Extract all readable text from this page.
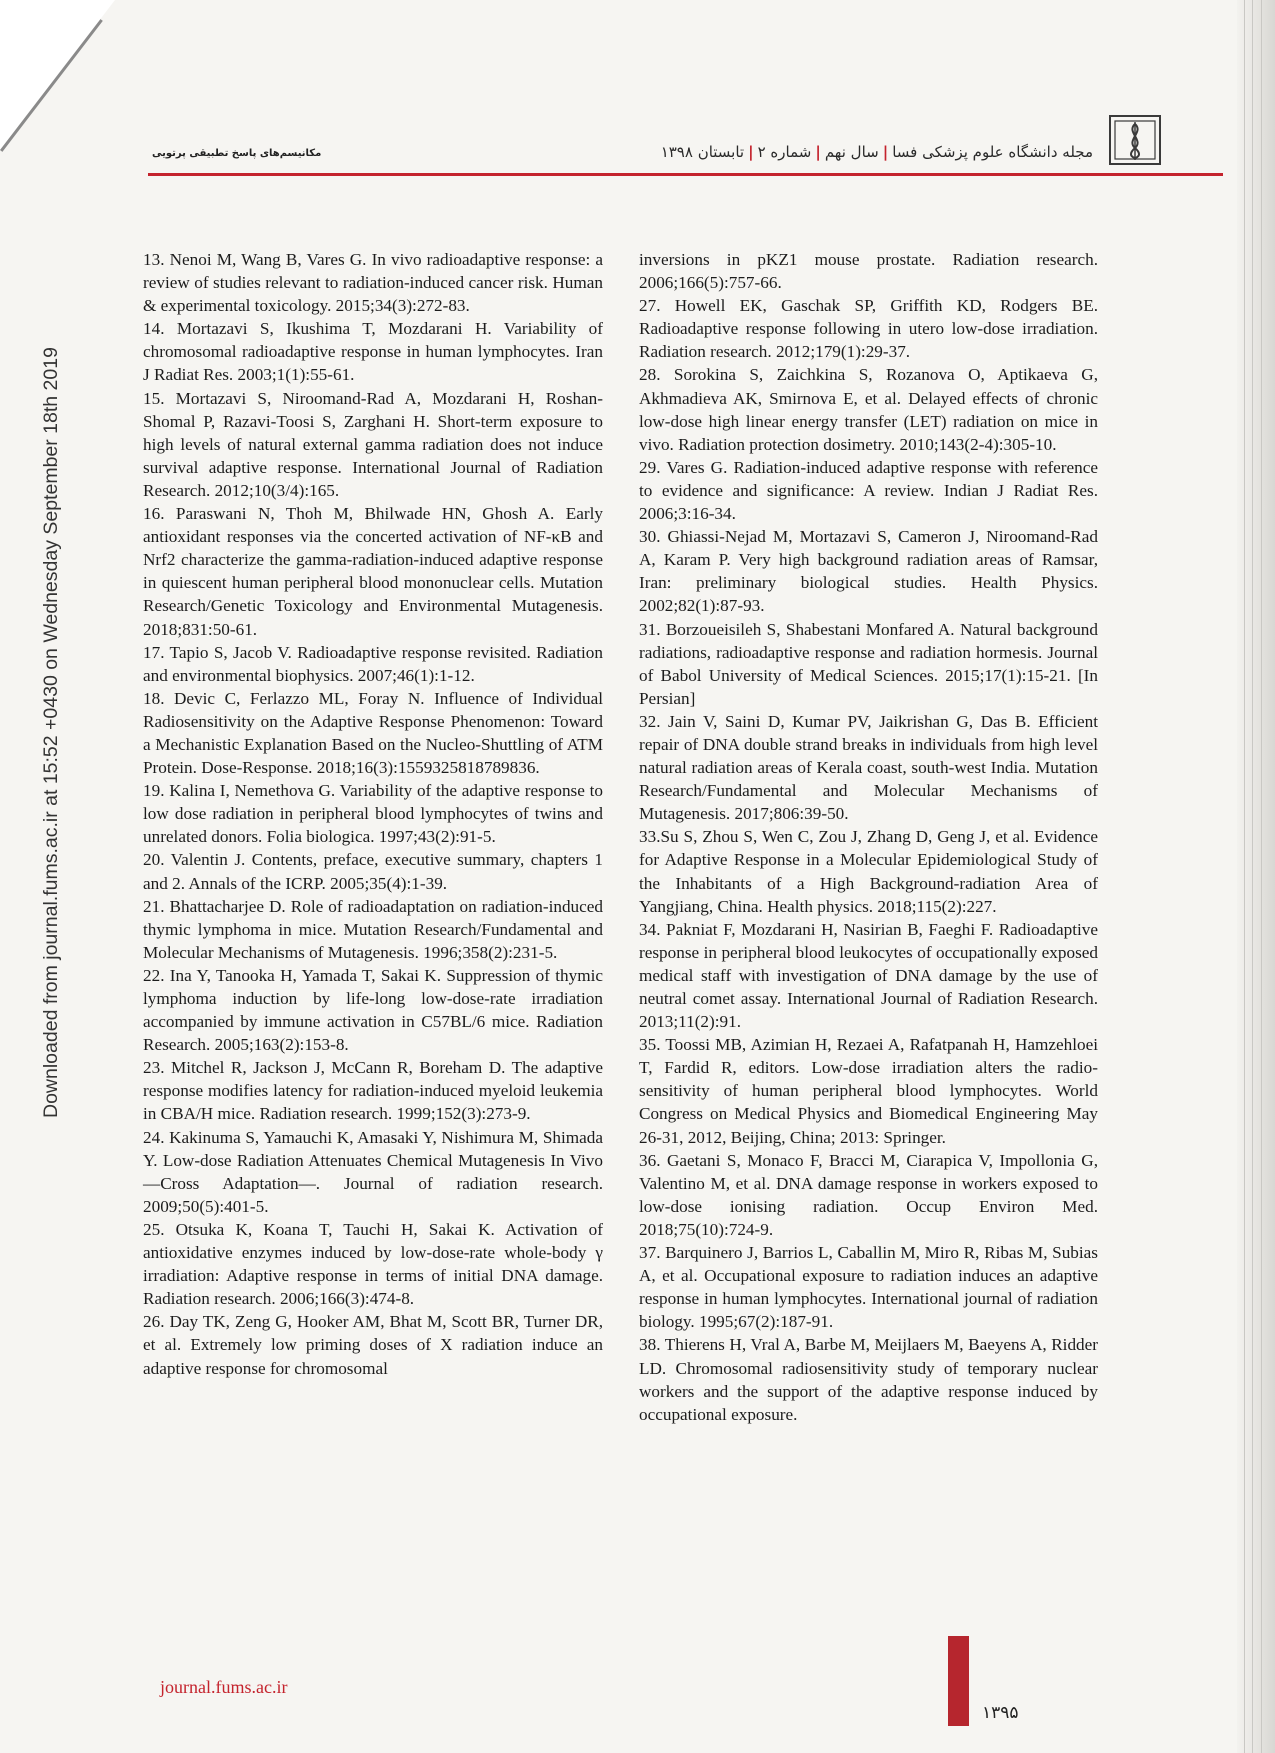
مکانیسم‌های پاسخ تطبیقی پرتویی	مجله دانشگاه علوم پزشکی فسا|سال نهم|شماره ۲|تابستان ۱۳۹۸
Downloaded from journal.fums.ac.ir at 15:52 +0430 on Wednesday September 18th 2019

13. Nenoi M, Wang B, Vares G. In vivo radioadaptive response: a review of studies relevant to radiation-induced cancer risk. Human & experimental toxicology. 2015;34(3):272-83.

14. Mortazavi S, Ikushima T, Mozdarani H. Variability of chromosomal radioadaptive response in human lymphocytes. Iran J Radiat Res. 2003;1(1):55-61.

15. Mortazavi S, Niroomand-Rad A, Mozdarani H, Roshan-Shomal P, Razavi-Toosi S, Zarghani H. Short-term exposure to high levels of natural external gamma radiation does not induce survival adaptive response. International Journal of Radiation Research. 2012;10(3/4):165.

16. Paraswani N, Thoh M, Bhilwade HN, Ghosh A. Early antioxidant responses via the concerted activation of NF-κB and Nrf2 characterize the gamma-radiation-induced adaptive response in quiescent human peripheral blood mononuclear cells. Mutation Research/Genetic Toxicology and Environmental Mutagenesis. 2018;831:50-61.

17. Tapio S, Jacob V. Radioadaptive response revisited. Radiation and environmental biophysics. 2007;46(1):1-12.

18. Devic C, Ferlazzo ML, Foray N. Influence of Individual Radiosensitivity on the Adaptive Response Phenomenon: Toward a Mechanistic Explanation Based on the Nucleo-Shuttling of ATM Protein. Dose-Response. 2018;16(3):1559325818789836.

19. Kalina I, Nemethova G. Variability of the adaptive response to low dose radiation in peripheral blood lymphocytes of twins and unrelated donors. Folia biologica. 1997;43(2):91-5.

20. Valentin J. Contents, preface, executive summary, chapters 1 and 2. Annals of the ICRP. 2005;35(4):1-39.

21. Bhattacharjee D. Role of radioadaptation on radiation-induced thymic lymphoma in mice. Mutation Research/Fundamental and Molecular Mechanisms of Mutagenesis. 1996;358(2):231-5.

22. Ina Y, Tanooka H, Yamada T, Sakai K. Suppression of thymic lymphoma induction by life-long low-dose-rate irradiation accompanied by immune activation in C57BL/6 mice. Radiation Research. 2005;163(2):153-8.

23. Mitchel R, Jackson J, McCann R, Boreham D. The adaptive response modifies latency for radiation-induced myeloid leukemia in CBA/H mice. Radiation research. 1999;152(3):273-9.

24. Kakinuma S, Yamauchi K, Amasaki Y, Nishimura M, Shimada Y. Low-dose Radiation Attenuates Chemical Mutagenesis In Vivo—Cross Adaptation—. Journal of radiation research. 2009;50(5):401-5.

25. Otsuka K, Koana T, Tauchi H, Sakai K. Activation of antioxidative enzymes induced by low-dose-rate whole-body γ irradiation: Adaptive response in terms of initial DNA damage. Radiation research. 2006;166(3):474-8.

26. Day TK, Zeng G, Hooker AM, Bhat M, Scott BR, Turner DR, et al. Extremely low priming doses of X radiation induce an adaptive response for chromosomal

inversions in pKZ1 mouse prostate. Radiation research. 2006;166(5):757-66.

27. Howell EK, Gaschak SP, Griffith KD, Rodgers BE. Radioadaptive response following in utero low-dose irradiation. Radiation research. 2012;179(1):29-37.

28. Sorokina S, Zaichkina S, Rozanova O, Aptikaeva G, Akhmadieva AK, Smirnova E, et al. Delayed effects of chronic low-dose high linear energy transfer (LET) radiation on mice in vivo. Radiation protection dosimetry. 2010;143(2-4):305-10.

29. Vares G. Radiation-induced adaptive response with reference to evidence and significance: A review. Indian J Radiat Res. 2006;3:16-34.

30. Ghiassi-Nejad M, Mortazavi S, Cameron J, Niroomand-Rad A, Karam P. Very high background radiation areas of Ramsar, Iran: preliminary biological studies. Health Physics. 2002;82(1):87-93.

31. Borzoueisileh S, Shabestani Monfared A. Natural background radiations, radioadaptive response and radiation hormesis. Journal of Babol University of Medical Sciences. 2015;17(1):15-21. [In Persian]

32. Jain V, Saini D, Kumar PV, Jaikrishan G, Das B. Efficient repair of DNA double strand breaks in individuals from high level natural radiation areas of Kerala coast, south-west India. Mutation Research/Fundamental and Molecular Mechanisms of Mutagenesis. 2017;806:39-50.

33.Su S, Zhou S, Wen C, Zou J, Zhang D, Geng J, et al. Evidence for Adaptive Response in a Molecular Epidemiological Study of the Inhabitants of a High Background-radiation Area of Yangjiang, China. Health physics. 2018;115(2):227.

34. Pakniat F, Mozdarani H, Nasirian B, Faeghi F. Radioadaptive response in peripheral blood leukocytes of occupationally exposed medical staff with investigation of DNA damage by the use of neutral comet assay. International Journal of Radiation Research. 2013;11(2):91.

35. Toossi MB, Azimian H, Rezaei A, Rafatpanah H, Hamzehloei T, Fardid R, editors. Low-dose irradiation alters the radio-sensitivity of human peripheral blood lymphocytes. World Congress on Medical Physics and Biomedical Engineering May 26-31, 2012, Beijing, China; 2013: Springer.

36. Gaetani S, Monaco F, Bracci M, Ciarapica V, Impollonia G, Valentino M, et al. DNA damage response in workers exposed to low-dose ionising radiation. Occup Environ Med. 2018;75(10):724-9.

37. Barquinero J, Barrios L, Caballin M, Miro R, Ribas M, Subias A, et al. Occupational exposure to radiation induces an adaptive response in human lymphocytes. International journal of radiation biology. 1995;67(2):187-91.

38. Thierens H, Vral A, Barbe M, Meijlaers M, Baeyens A, Ridder LD. Chromosomal radiosensitivity study of temporary nuclear workers and the support of the adaptive response induced by occupational exposure.

journal.fums.ac.ir
۱۳۹۵
